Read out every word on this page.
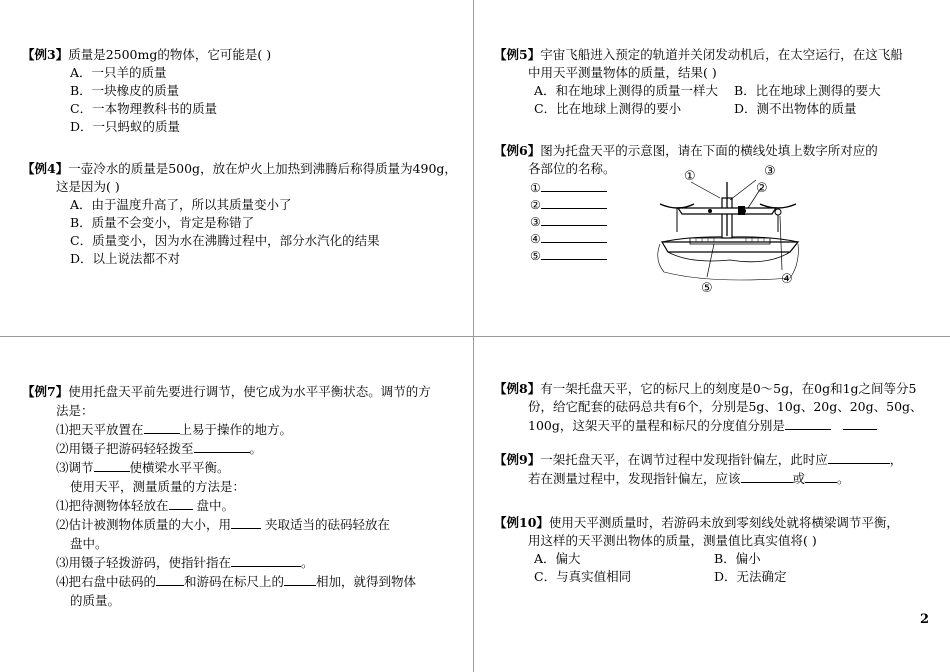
【例3】质量是2500mg的物体，它可能是( )
A．一只羊的质量
B．一块橡皮的质量
C．一本物理教科书的质量
D．一只蚂蚁的质量
【例4】一壶冷水的质量是500g，放在炉火上加热到沸腾后称得质量为490g，
这是因为( )
A．由于温度升高了，所以其质量变小了
B．质量不会变小，肯定是称错了
C．质量变小，因为水在沸腾过程中，部分水汽化的结果
D．以上说法都不对
【例5】宇宙飞船进入预定的轨道并关闭发动机后，在太空运行，在这飞船
中用天平测量物体的质量，结果( )
A．和在地球上测得的质量一样大	B．比在地球上测得的要大
C．比在地球上测得的要小	D．测不出物体的质量
【例6】图为托盘天平的示意图，请在下面的横线处填上数字所对应的
各部位的名称。
①
②
③
④
⑤
①
②
③
④
⑤
【例7】使用托盘天平前先要进行调节，使它成为水平平衡状态。调节的方
法是：
⑴把天平放置在	上易于操作的地方。
⑵用镊子把游码轻轻拨至	。
⑶调节	使横梁水平平衡。
使用天平，测量质量的方法是：
⑴把待测物体轻放在 盘中。
⑵估计被测物体质量的大小，用	夹取适当的砝码轻放在
盘中。
⑶用镊子轻拨游码，使指针指在	。
⑷把右盘中砝码的 和游码在标尺上的	相加，就得到物体
的质量。
【例8】有一架托盘天平，它的标尺上的刻度是0～5g，在0g和1g之间等分5
份，给它配套的砝码总共有6个，分别是5g、10g、20g、20g、50g、
100g，这架天平的量程和标尺的分度值分别是
【例9】一架托盘天平，在调节过程中发现指针偏左，此时应	，
若在测量过程中，发现指针偏左，应该	或	。
【例10】使用天平测质量时，若游码未放到零刻线处就将横梁调节平衡，
用这样的天平测出物体的质量，测量值比真实值将( )
A．偏大	B．偏小
C．与真实值相同	D．无法确定
2
